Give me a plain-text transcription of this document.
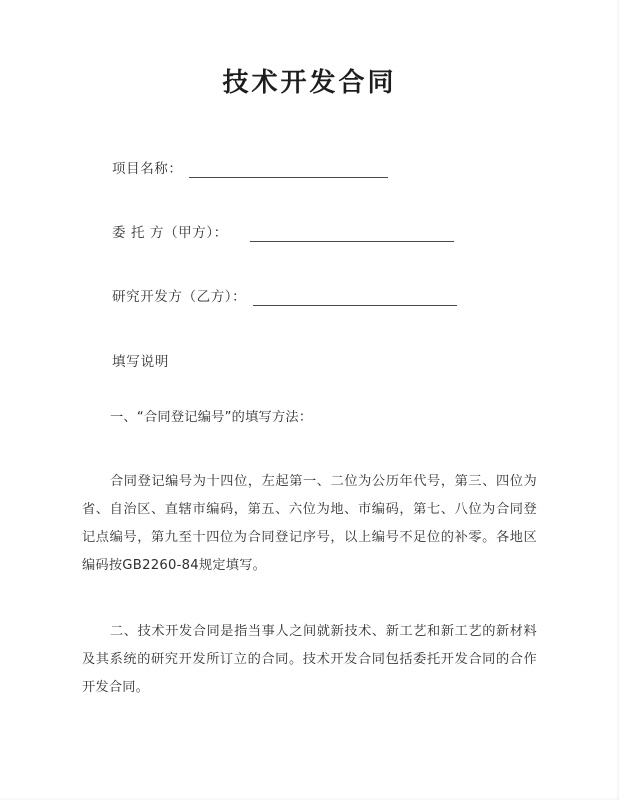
技术开发合同
项目名称：
委 托 方（甲方）：
研究开发方（乙方）：
填写说明
一、“合同登记编号”的填写方法：
合同登记编号为十四位，左起第一、二位为公历年代号，第三、四位为省、自治区、直辖市编码，第五、六位为地、市编码，第七、八位为合同登记点编号，第九至十四位为合同登记序号，以上编号不足位的补零。各地区编码按GB2260-84规定填写。
二、技术开发合同是指当事人之间就新技术、新工艺和新工艺的新材料及其系统的研究开发所订立的合同。技术开发合同包括委托开发合同的合作开发合同。
